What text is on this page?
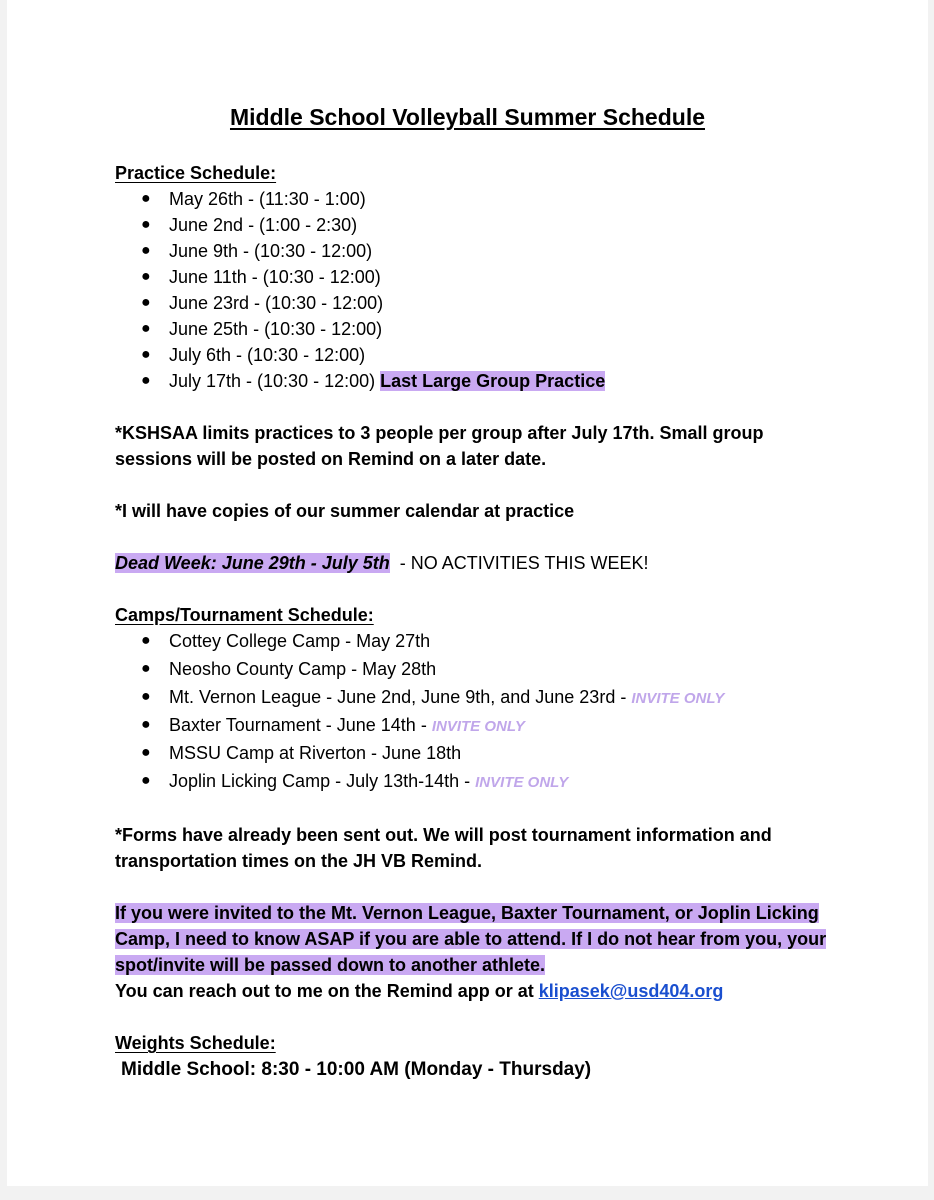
Middle School Volleyball Summer Schedule

Practice Schedule:

● May 26th - (11:30 - 1:00)
● June 2nd - (1:00 - 2:30)
● June 9th - (10:30 - 12:00)
● June 11th - (10:30 - 12:00)
● June 23rd - (10:30 - 12:00)
● June 25th - (10:30 - 12:00)
● July 6th - (10:30 - 12:00)
● July 17th - (10:30 - 12:00) Last Large Group Practice

*KSHSAA limits practices to 3 people per group after July 17th. Small group sessions will be posted on Remind on a later date.

*I will have copies of our summer calendar at practice

Dead Week: June 29th - July 5th  - NO ACTIVITIES THIS WEEK!

Camps/Tournament Schedule:

● Cottey College Camp - May 27th
● Neosho County Camp - May 28th
● Mt. Vernon League - June 2nd, June 9th, and June 23rd - INVITE ONLY
● Baxter Tournament - June 14th - INVITE ONLY
● MSSU Camp at Riverton - June 18th
● Joplin Licking Camp - July 13th-14th - INVITE ONLY

*Forms have already been sent out. We will post tournament information and transportation times on the JH VB Remind.

If you were invited to the Mt. Vernon League, Baxter Tournament, or Joplin Licking Camp, I need to know ASAP if you are able to attend. If I do not hear from you, your spot/invite will be passed down to another athlete.

You can reach out to me on the Remind app or at klipasek@usd404.org

Weights Schedule:

Middle School: 8:30 - 10:00 AM (Monday - Thursday)
